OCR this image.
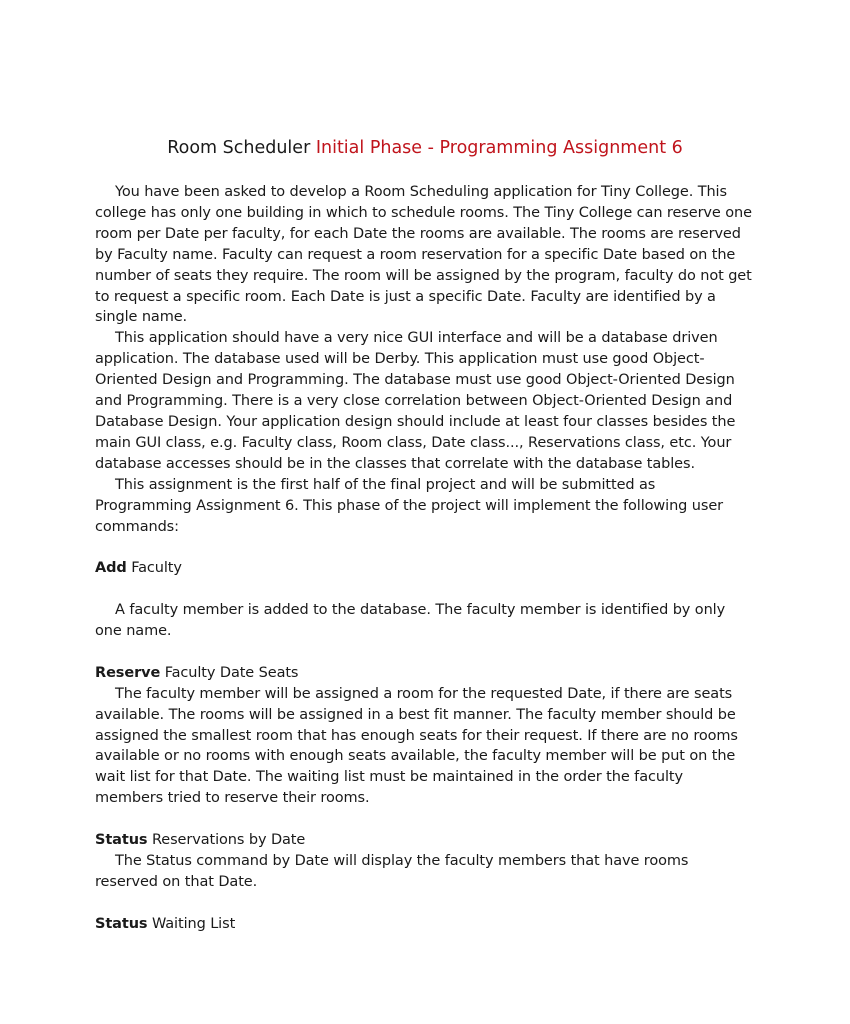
Room Scheduler Initial Phase - Programming Assignment 6

You have been asked to develop a Room Scheduling application for Tiny College. This college has only one building in which to schedule rooms. The Tiny College can reserve one room per Date per faculty, for each Date the rooms are available. The rooms are reserved by Faculty name. Faculty can request a room reservation for a specific Date based on the number of seats they require. The room will be assigned by the program, faculty do not get to request a specific room. Each Date is just a specific Date. Faculty are identified by a single name.

This application should have a very nice GUI interface and will be a database driven application. The database used will be Derby. This application must use good Object-Oriented Design and Programming. The database must use good Object-Oriented Design and Programming. There is a very close correlation between Object-Oriented Design and Database Design. Your application design should include at least four classes besides the main GUI class, e.g. Faculty class, Room class, Date class..., Reservations class, etc. Your database accesses should be in the classes that correlate with the database tables.

This assignment is the first half of the final project and will be submitted as Programming Assignment 6. This phase of the project will implement the following user commands:

Add Faculty

A faculty member is added to the database. The faculty member is identified by only one name.

Reserve Faculty Date Seats

The faculty member will be assigned a room for the requested Date, if there are seats available. The rooms will be assigned in a best fit manner. The faculty member should be assigned the smallest room that has enough seats for their request. If there are no rooms available or no rooms with enough seats available, the faculty member will be put on the wait list for that Date. The waiting list must be maintained in the order the faculty members tried to reserve their rooms.

Status Reservations by Date

The Status command by Date will display the faculty members that have rooms reserved on that Date.

Status Waiting List
